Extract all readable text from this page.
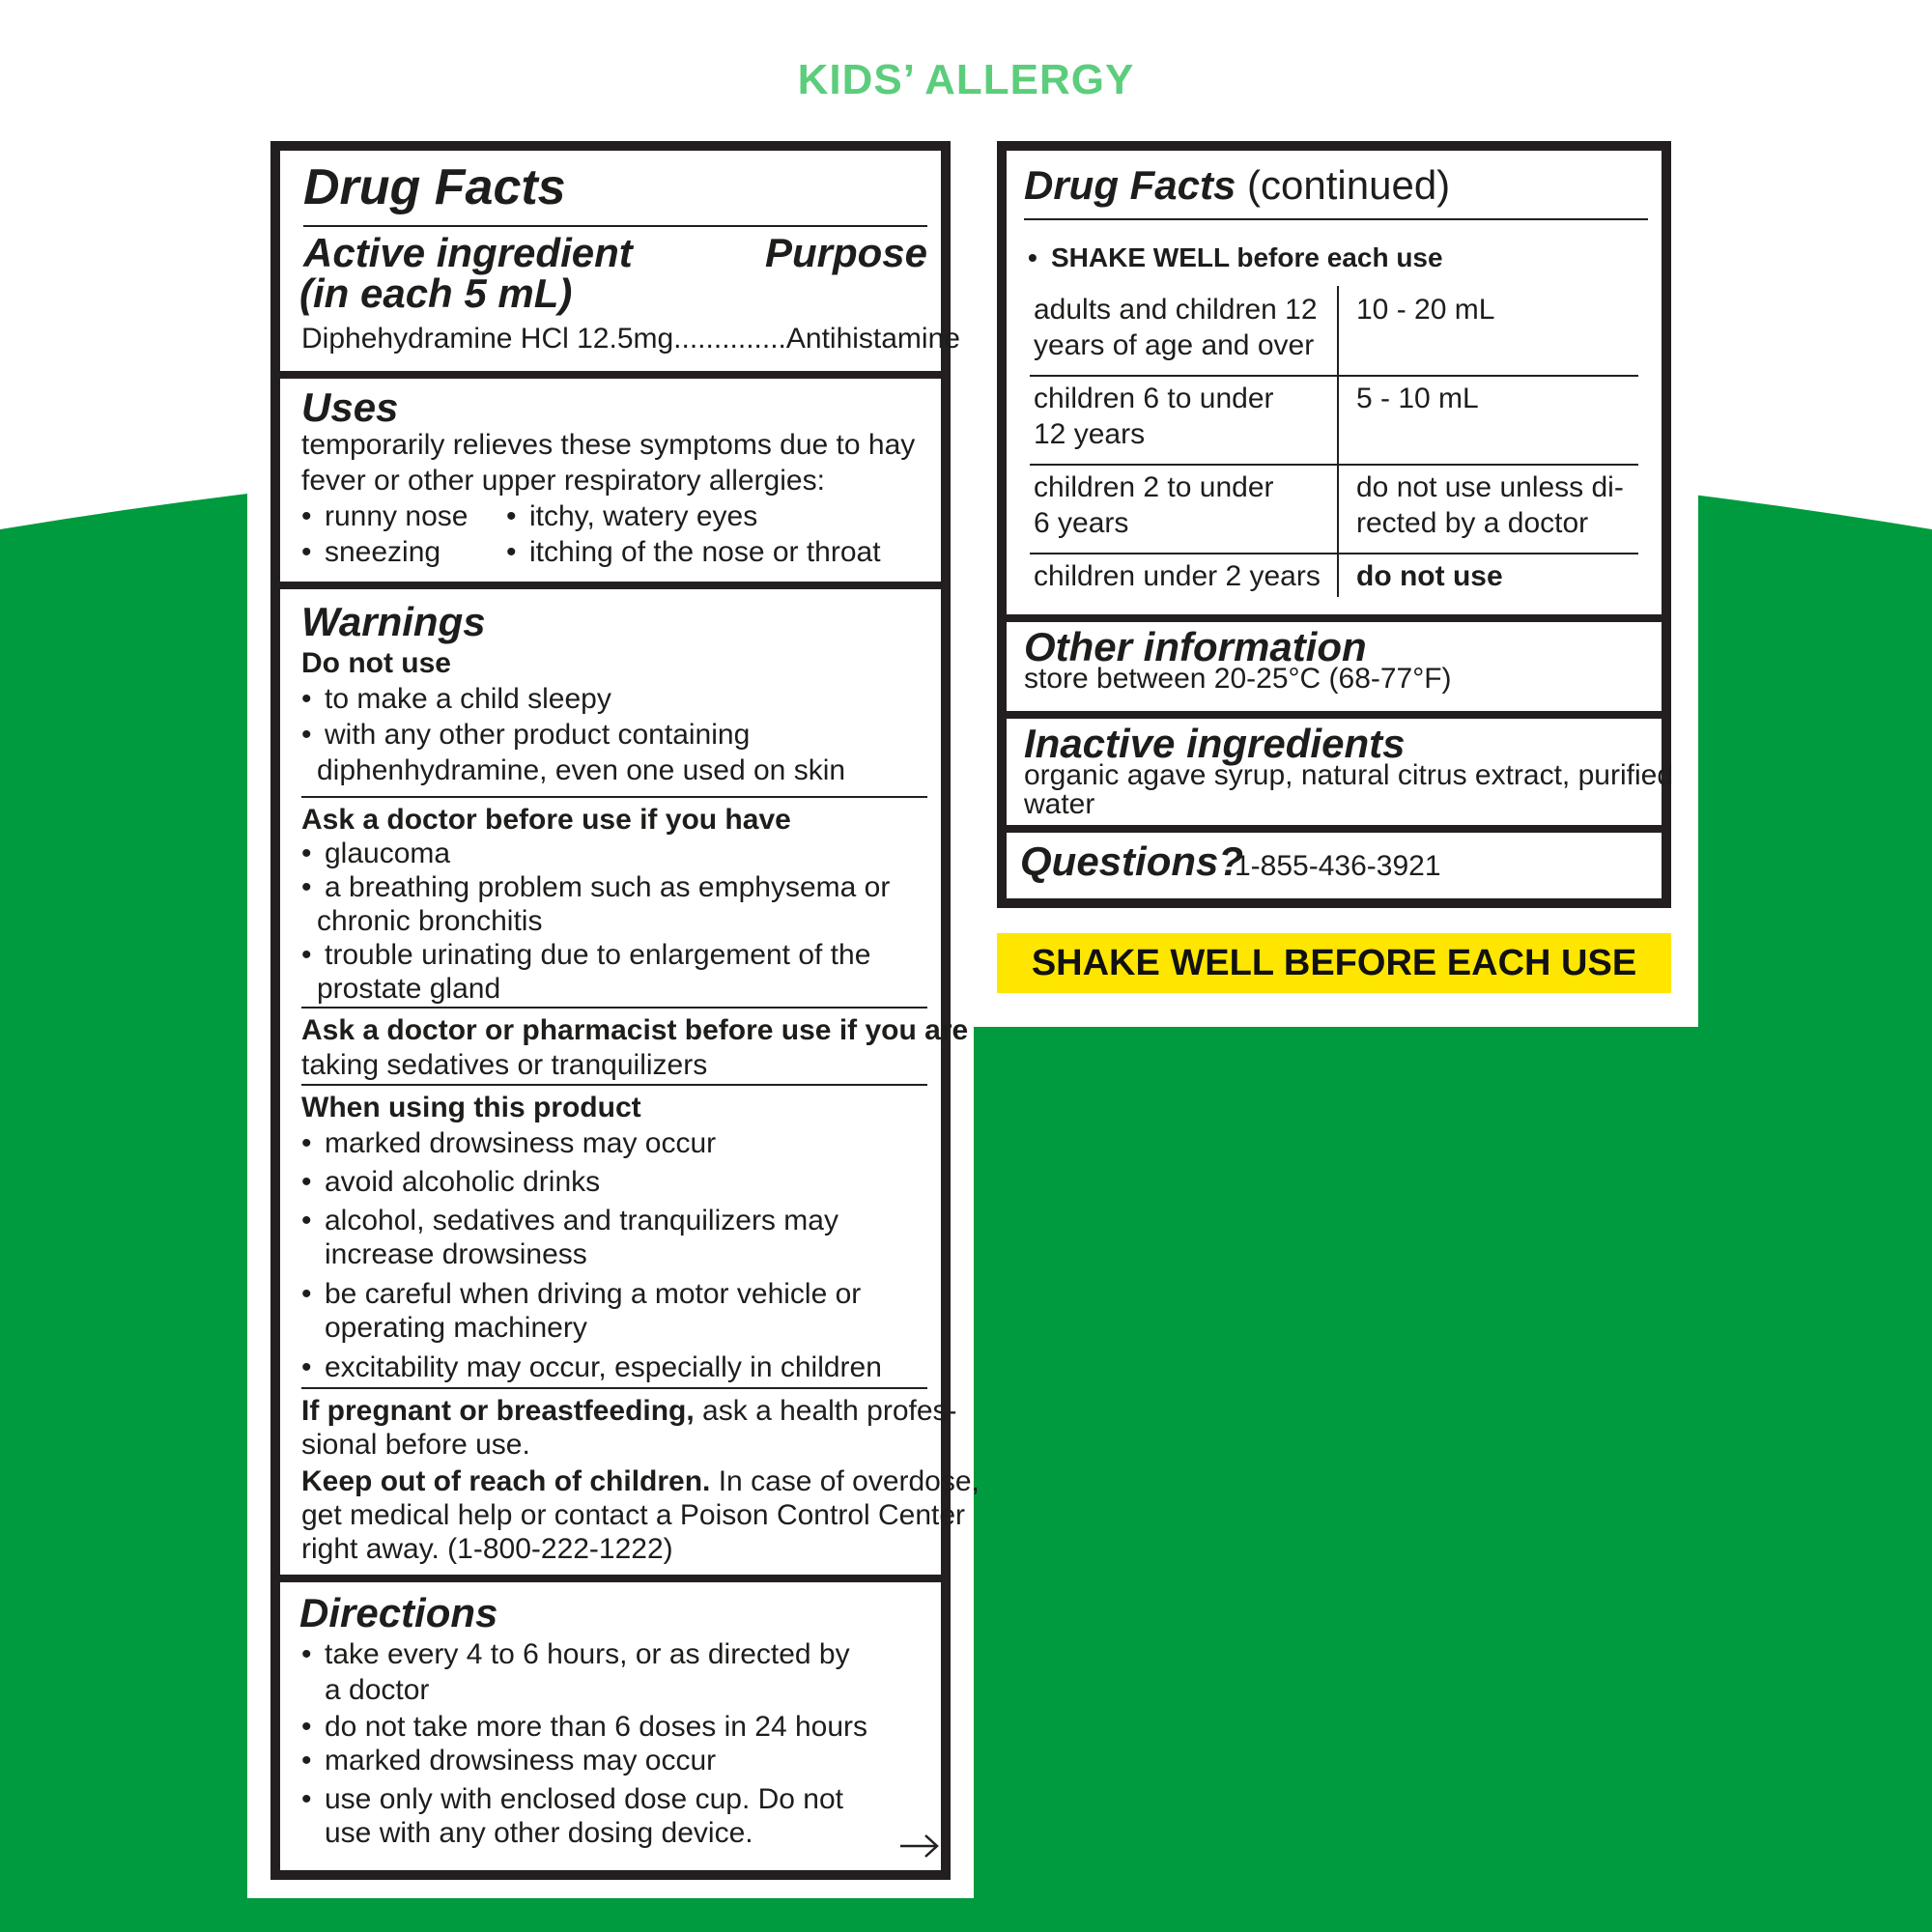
KIDS’ ALLERGY
Drug Facts
Active ingredient	Purpose
(in each 5 mL)
Diphehydramine HCl 12.5mg..............Antihistamine
Uses
temporarily relieves these symptoms due to hay
fever or other upper respiratory allergies:
• runny nose • itchy, watery eyes
• sneezing • itching of the nose or throat
Warnings
Do not use
• to make a child sleepy
• with any other product containing
diphenhydramine, even one used on skin
Ask a doctor before use if you have
• glaucoma
• a breathing problem such as emphysema or
chronic bronchitis
• trouble urinating due to enlargement of the
prostate gland
Ask a doctor or pharmacist before use if you are
taking sedatives or tranquilizers
When using this product
• marked drowsiness may occur
• avoid alcoholic drinks
• alcohol, sedatives and tranquilizers may
increase drowsiness
• be careful when driving a motor vehicle or
operating machinery
• excitability may occur, especially in children
If pregnant or breastfeeding, ask a health profes-
sional before use.
Keep out of reach of children. In case of overdose,
get medical help or contact a Poison Control Center
right away. (1-800-222-1222)
Directions
• take every 4 to 6 hours, or as directed by
a doctor
• do not take more than 6 doses in 24 hours
• marked drowsiness may occur
• use only with enclosed dose cup. Do not
use with any other dosing device.
Drug Facts (continued)
• SHAKE WELL before each use
adults and children 12
years of age and over
10 - 20 mL
children 6 to under
12 years
5 - 10 mL
children 2 to under
6 years
do not use unless di-
rected by a doctor
children under 2 years do not use
Other information
store between 20-25°C (68-77°F)
Inactive ingredients
organic agave syrup, natural citrus extract, purified
water
Questions?
1-855-436-3921
SHAKE WELL BEFORE EACH USE
